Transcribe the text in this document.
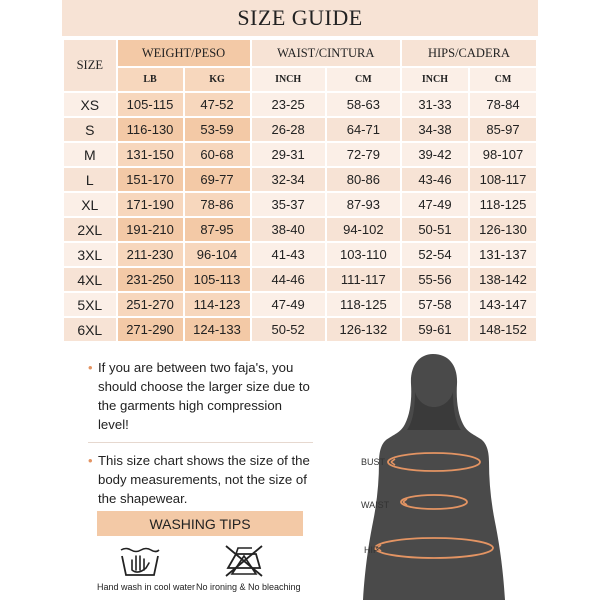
SIZE GUIDE
SIZE	WEIGHT/PESO		WAIST/CINTURA		HIPS/CADERA	
	LB	KG	INCH	CM	INCH	CM
XS	105-115	47-52	23-25	58-63	31-33	78-84
S	116-130	53-59	26-28	64-71	34-38	85-97
M	131-150	60-68	29-31	72-79	39-42	98-107
L	151-170	69-77	32-34	80-86	43-46	108-117
XL	171-190	78-86	35-37	87-93	47-49	118-125
2XL	191-210	87-95	38-40	94-102	50-51	126-130
3XL	211-230	96-104	41-43	103-110	52-54	131-137
4XL	231-250	105-113	44-46	111-117	55-56	138-142
5XL	251-270	114-123	47-49	118-125	57-58	143-147
6XL	271-290	124-133	50-52	126-132	59-61	148-152
• If you are between two faja's, you should choose the larger size due to the garments high compression level!
• This size chart shows the size of the body measurements, not the size of the shapewear.
WASHING TIPS
Hand wash in cool water No ironing & No bleaching
BUST
WAIST
HIP
